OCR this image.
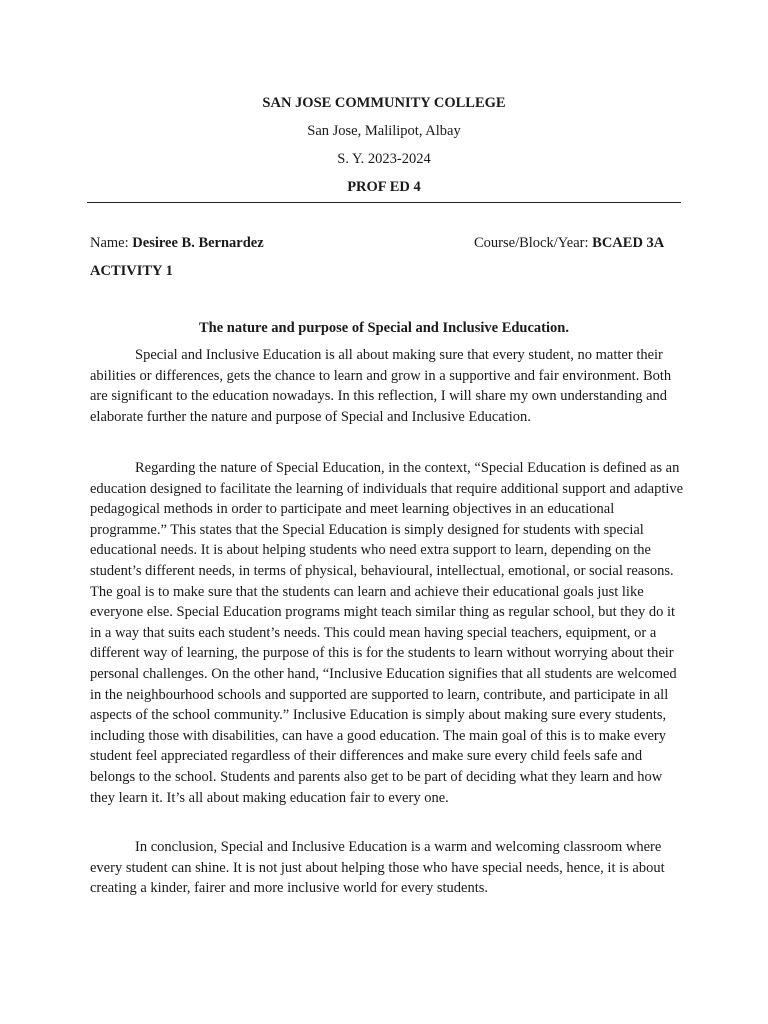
SAN JOSE COMMUNITY COLLEGE
San Jose, Malilipot, Albay
S. Y. 2023-2024
PROF ED 4
Name: Desiree B. Bernardez	Course/Block/Year: BCAED 3A
ACTIVITY 1
The nature and purpose of Special and Inclusive Education.

Special and Inclusive Education is all about making sure that every student, no matter their abilities or differences, gets the chance to learn and grow in a supportive and fair environment. Both are significant to the education nowadays. In this reflection, I will share my own understanding and elaborate further the nature and purpose of Special and Inclusive Education.

Regarding the nature of Special Education, in the context, “Special Education is defined as an education designed to facilitate the learning of individuals that require additional support and adaptive pedagogical methods in order to participate and meet learning objectives in an educational programme.” This states that the Special Education is simply designed for students with special educational needs. It is about helping students who need extra support to learn, depending on the student’s different needs, in terms of physical, behavioural, intellectual, emotional, or social reasons. The goal is to make sure that the students can learn and achieve their educational goals just like everyone else. Special Education programs might teach similar thing as regular school, but they do it in a way that suits each student’s needs. This could mean having special teachers, equipment, or a different way of learning, the purpose of this is for the students to learn without worrying about their personal challenges. On the other hand, “Inclusive Education signifies that all students are welcomed in the neighbourhood schools and supported are supported to learn, contribute, and participate in all aspects of the school community.” Inclusive Education is simply about making sure every students, including those with disabilities, can have a good education. The main goal of this is to make every student feel appreciated regardless of their differences and make sure every child feels safe and belongs to the school. Students and parents also get to be part of deciding what they learn and how they learn it. It’s all about making education fair to every one.

In conclusion, Special and Inclusive Education is a warm and welcoming classroom where every student can shine. It is not just about helping those who have special needs, hence, it is about creating a kinder, fairer and more inclusive world for every students.
